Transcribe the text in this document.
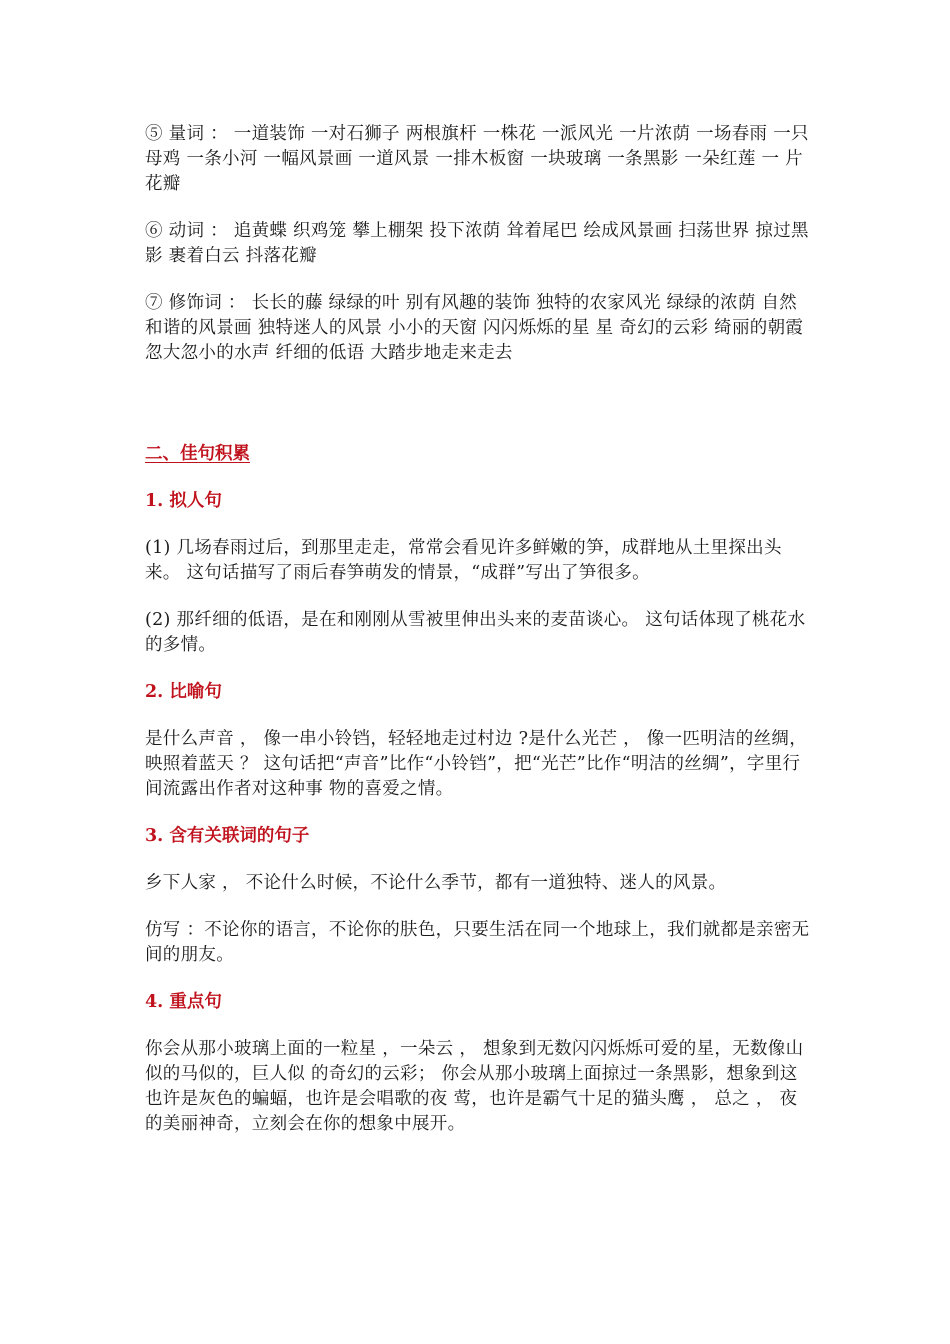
⑤ 量词 ： 一道装饰 一对石狮子 两根旗杆 一株花 一派风光 一片浓荫 一场春雨 一只母鸡 一条小河 一幅风景画 一道风景 一排木板窗 一块玻璃 一条黑影 一朵红莲 一 片花瓣

⑥ 动词 ： 追黄蝶 织鸡笼 攀上棚架 投下浓荫 耸着尾巴 绘成风景画 扫荡世界 掠过黑影 裹着白云 抖落花瓣

⑦ 修饰词 ： 长长的藤 绿绿的叶 别有风趣的装饰 独特的农家风光 绿绿的浓荫 自然和谐的风景画 独特迷人的风景 小小的天窗 闪闪烁烁的星 星 奇幻的云彩 绮丽的朝霞 忽大忽小的水声 纤细的低语 大踏步地走来走去

二、佳句积累

1. 拟人句

(1) 几场春雨过后，到那里走走，常常会看见许多鲜嫩的笋，成群地从土里探出头来。 这句话描写了雨后春笋萌发的情景，“成群”写出了笋很多。

(2) 那纤细的低语，是在和刚刚从雪被里伸出头来的麦苗谈心。 这句话体现了桃花水的多情。

2. 比喻句

是什么声音 ， 像一串小铃铛，轻轻地走过村边 ?是什么光芒 ， 像一匹明洁的丝绸，映照着蓝天 ？ 这句话把“声音”比作“小铃铛”，把“光芒”比作“明洁的丝绸”，字里行间流露出作者对这种事 物的喜爱之情。

3. 含有关联词的句子

乡下人家 ， 不论什么时候，不论什么季节，都有一道独特、迷人的风景。

仿写 ：不论你的语言，不论你的肤色，只要生活在同一个地球上，我们就都是亲密无间的朋友。

4. 重点句

你会从那小玻璃上面的一粒星 ，一朵云 ， 想象到无数闪闪烁烁可爱的星，无数像山似的马似的，巨人似 的奇幻的云彩； 你会从那小玻璃上面掠过一条黑影，想象到这也许是灰色的蝙蝠，也许是会唱歌的夜 莺，也许是霸气十足的猫头鹰 ， 总之 ， 夜的美丽神奇，立刻会在你的想象中展开。
